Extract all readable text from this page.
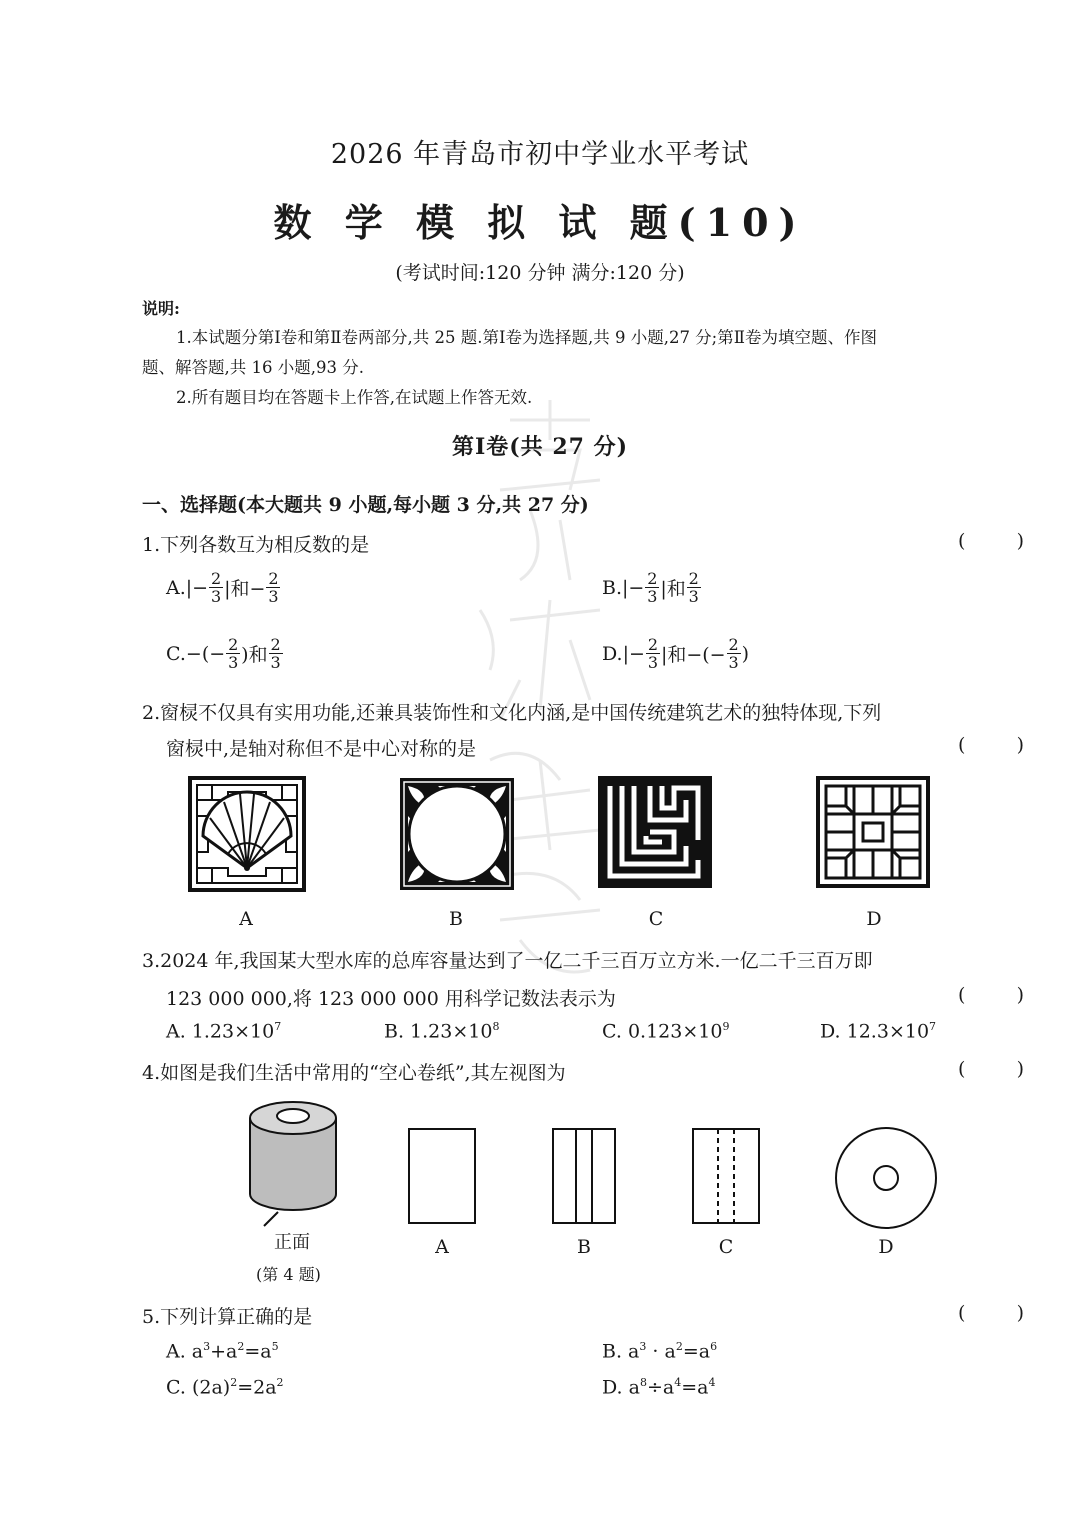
2026 年青岛市初中学业水平考试
数 学 模 拟 试 题(10)
(考试时间:120 分钟 满分:120 分)
说明:
1.本试题分第Ⅰ卷和第Ⅱ卷两部分,共 25 题.第Ⅰ卷为选择题,共 9 小题,27 分;第Ⅱ卷为填空题、作图
题、解答题,共 16 小题,93 分.
2.所有题目均在答题卡上作答,在试题上作答无效.
第Ⅰ卷(共 27 分)
一、选择题(本大题共 9 小题,每小题 3 分,共 27 分)
1.下列各数互为相反数的是	(	)
A. |− $\frac{2}{3}$ |和− $\frac{2}{3}$	B. |− $\frac{2}{3}$ |和 $\frac{2}{3}$
C. −(− $\frac{2}{3}$ )和 $\frac{2}{3}$	D. |− $\frac{2}{3}$ |和−(− $\frac{2}{3}$ )
2.窗棂不仅具有实用功能,还兼具装饰性和文化内涵,是中国传统建筑艺术的独特体现,下列
窗棂中,是轴对称但不是中心对称的是	(	)
A	B	C	D
3.2024 年,我国某大型水库的总库容量达到了一亿二千三百万立方米.一亿二千三百万即
123 000 000,将 123 000 000 用科学记数法表示为	(	)
A. $1.23\times 10^7$	B. $1.23\times 10^8$	C. $0.123\times 10^9$	D. $12.3\times 10^7$
4.如图是我们生活中常用的“空心卷纸”,其左视图为	(	)
正面
(第 4 题)
A	B	C	D
5.下列计算正确的是	(	)
A. $a^3+a^2=a^5$	B. $a^3 \cdot a^2=a^6$
C. $(2a)^2=2a^2$	D. $a^8\div a^4=a^4$
